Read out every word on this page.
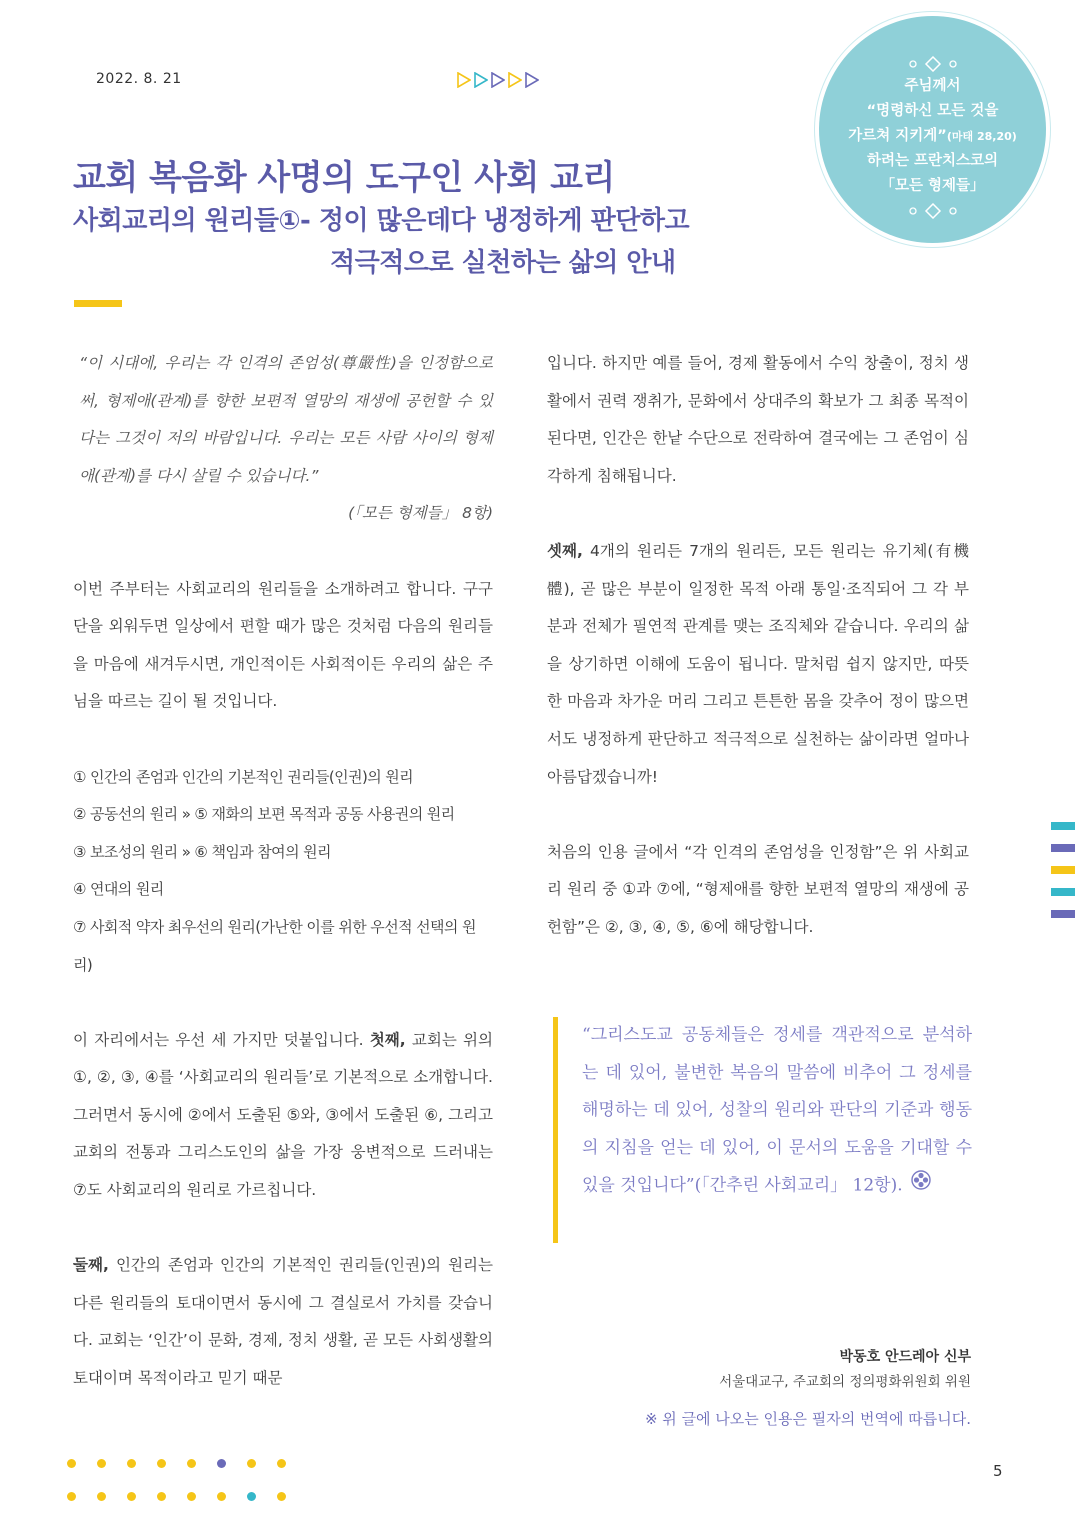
2022. 8. 21	주님께서
“명령하신 모든 것을
가르쳐 지키게”(마태 28,20)
하려는 프란치스코의
「모든 형제들」
교회 복음화 사명의 도구인 사회 교리
사회교리의 원리들①- 정이 많은데다 냉정하게 판단하고
적극적으로 실천하는 삶의 안내

“이 시대에, 우리는 각 인격의 존엄성(尊嚴性)을 인정함으로써, 형제애(관계)를 향한 보편적 열망의 재생에 공헌할 수 있다는 그것이 저의 바람입니다. 우리는 모든 사람 사이의 형제애(관계)를 다시 살릴 수 있습니다.”

(「모든 형제들」 8항)

이번 주부터는 사회교리의 원리들을 소개하려고 합니다. 구구단을 외워두면 일상에서 편할 때가 많은 것처럼 다음의 원리들을 마음에 새겨두시면, 개인적이든 사회적이든 우리의 삶은 주님을 따르는 길이 될 것입니다.

① 인간의 존엄과 인간의 기본적인 권리들(인권)의 원리

② 공동선의 원리 » ⑤ 재화의 보편 목적과 공동 사용권의 원리

③ 보조성의 원리 » ⑥ 책임과 참여의 원리

④ 연대의 원리

⑦ 사회적 약자 최우선의 원리(가난한 이를 위한 우선적 선택의 원리)

이 자리에서는 우선 세 가지만 덧붙입니다. 첫째, 교회는 위의 ①, ②, ③, ④를 ‘사회교리의 원리들’로 기본적으로 소개합니다. 그러면서 동시에 ②에서 도출된 ⑤와, ③에서 도출된 ⑥, 그리고 교회의 전통과 그리스도인의 삶을 가장 웅변적으로 드러내는 ⑦도 사회교리의 원리로 가르칩니다.

둘째, 인간의 존엄과 인간의 기본적인 권리들(인권)의 원리는 다른 원리들의 토대이면서 동시에 그 결실로서 가치를 갖습니다. 교회는 ‘인간’이 문화, 경제, 정치 생활, 곧 모든 사회생활의 토대이며 목적이라고 믿기 때문

입니다. 하지만 예를 들어, 경제 활동에서 수익 창출이, 정치 생활에서 권력 쟁취가, 문화에서 상대주의 확보가 그 최종 목적이 된다면, 인간은 한낱 수단으로 전락하여 결국에는 그 존엄이 심각하게 침해됩니다.

셋째, 4개의 원리든 7개의 원리든, 모든 원리는 유기체(有機體), 곧 많은 부분이 일정한 목적 아래 통일·조직되어 그 각 부분과 전체가 필연적 관계를 맺는 조직체와 같습니다. 우리의 삶을 상기하면 이해에 도움이 됩니다. 말처럼 쉽지 않지만, 따뜻한 마음과 차가운 머리 그리고 튼튼한 몸을 갖추어 정이 많으면서도 냉정하게 판단하고 적극적으로 실천하는 삶이라면 얼마나 아름답겠습니까!

처음의 인용 글에서 “각 인격의 존엄성을 인정함”은 위 사회교리 원리 중 ①과 ⑦에, “형제애를 향한 보편적 열망의 재생에 공헌함”은 ②, ③, ④, ⑤, ⑥에 해당합니다.

“그리스도교 공동체들은 정세를 객관적으로 분석하는 데 있어, 불변한 복음의 말씀에 비추어 그 정세를 해명하는 데 있어, 성찰의 원리와 판단의 기준과 행동의 지침을 얻는 데 있어, 이 문서의 도움을 기대할 수 있을 것입니다”(「간추린 사회교리」 12항).
박동호 안드레아 신부
서울대교구, 주교회의 정의평화위원회 위원
※ 위 글에 나오는 인용은 필자의 번역에 따릅니다.
5
